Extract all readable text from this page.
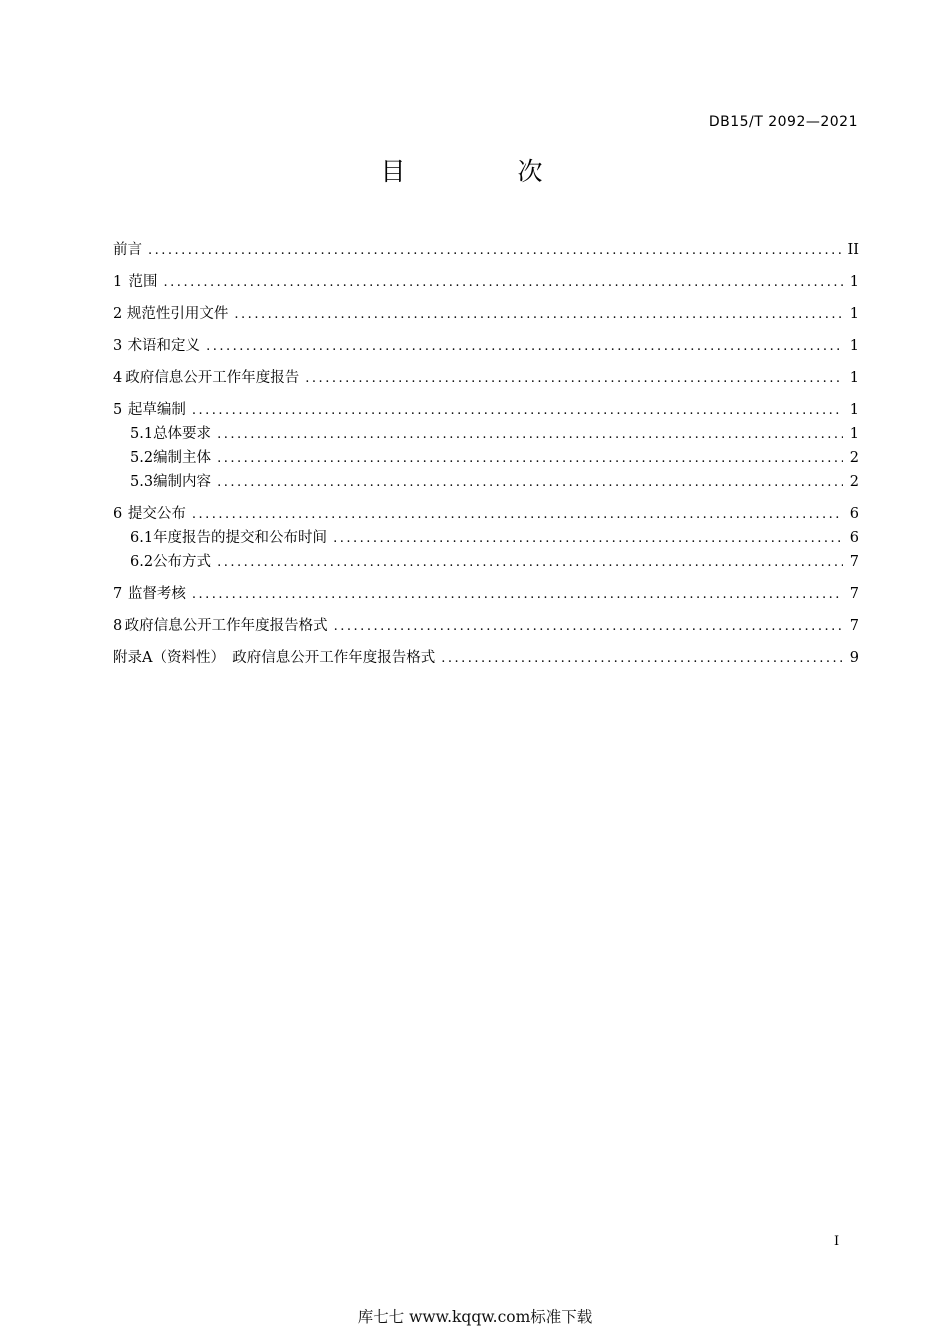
DB15/T 2092—2021
目 次
前言 .....	II
1 范围 .....	1
2 规范性引用文件 .....	1
3 术语和定义 .....	1
4 政府信息公开工作年度报告 .....	1
5 起草编制 .....	1
5.1 总体要求 .....	1
5.2 编制主体 .....	2
5.3 编制内容 .....	2
6 提交公布 .....	6
6.1 年度报告的提交和公布时间 .....	6
6.2 公布方式 .....	7
7 监督考核 .....	7
8 政府信息公开工作年度报告格式 .....	7
附录A（资料性）　政府信息公开工作年度报告格式 .....	9
I
库七七 www.kqqw.com标准下载
